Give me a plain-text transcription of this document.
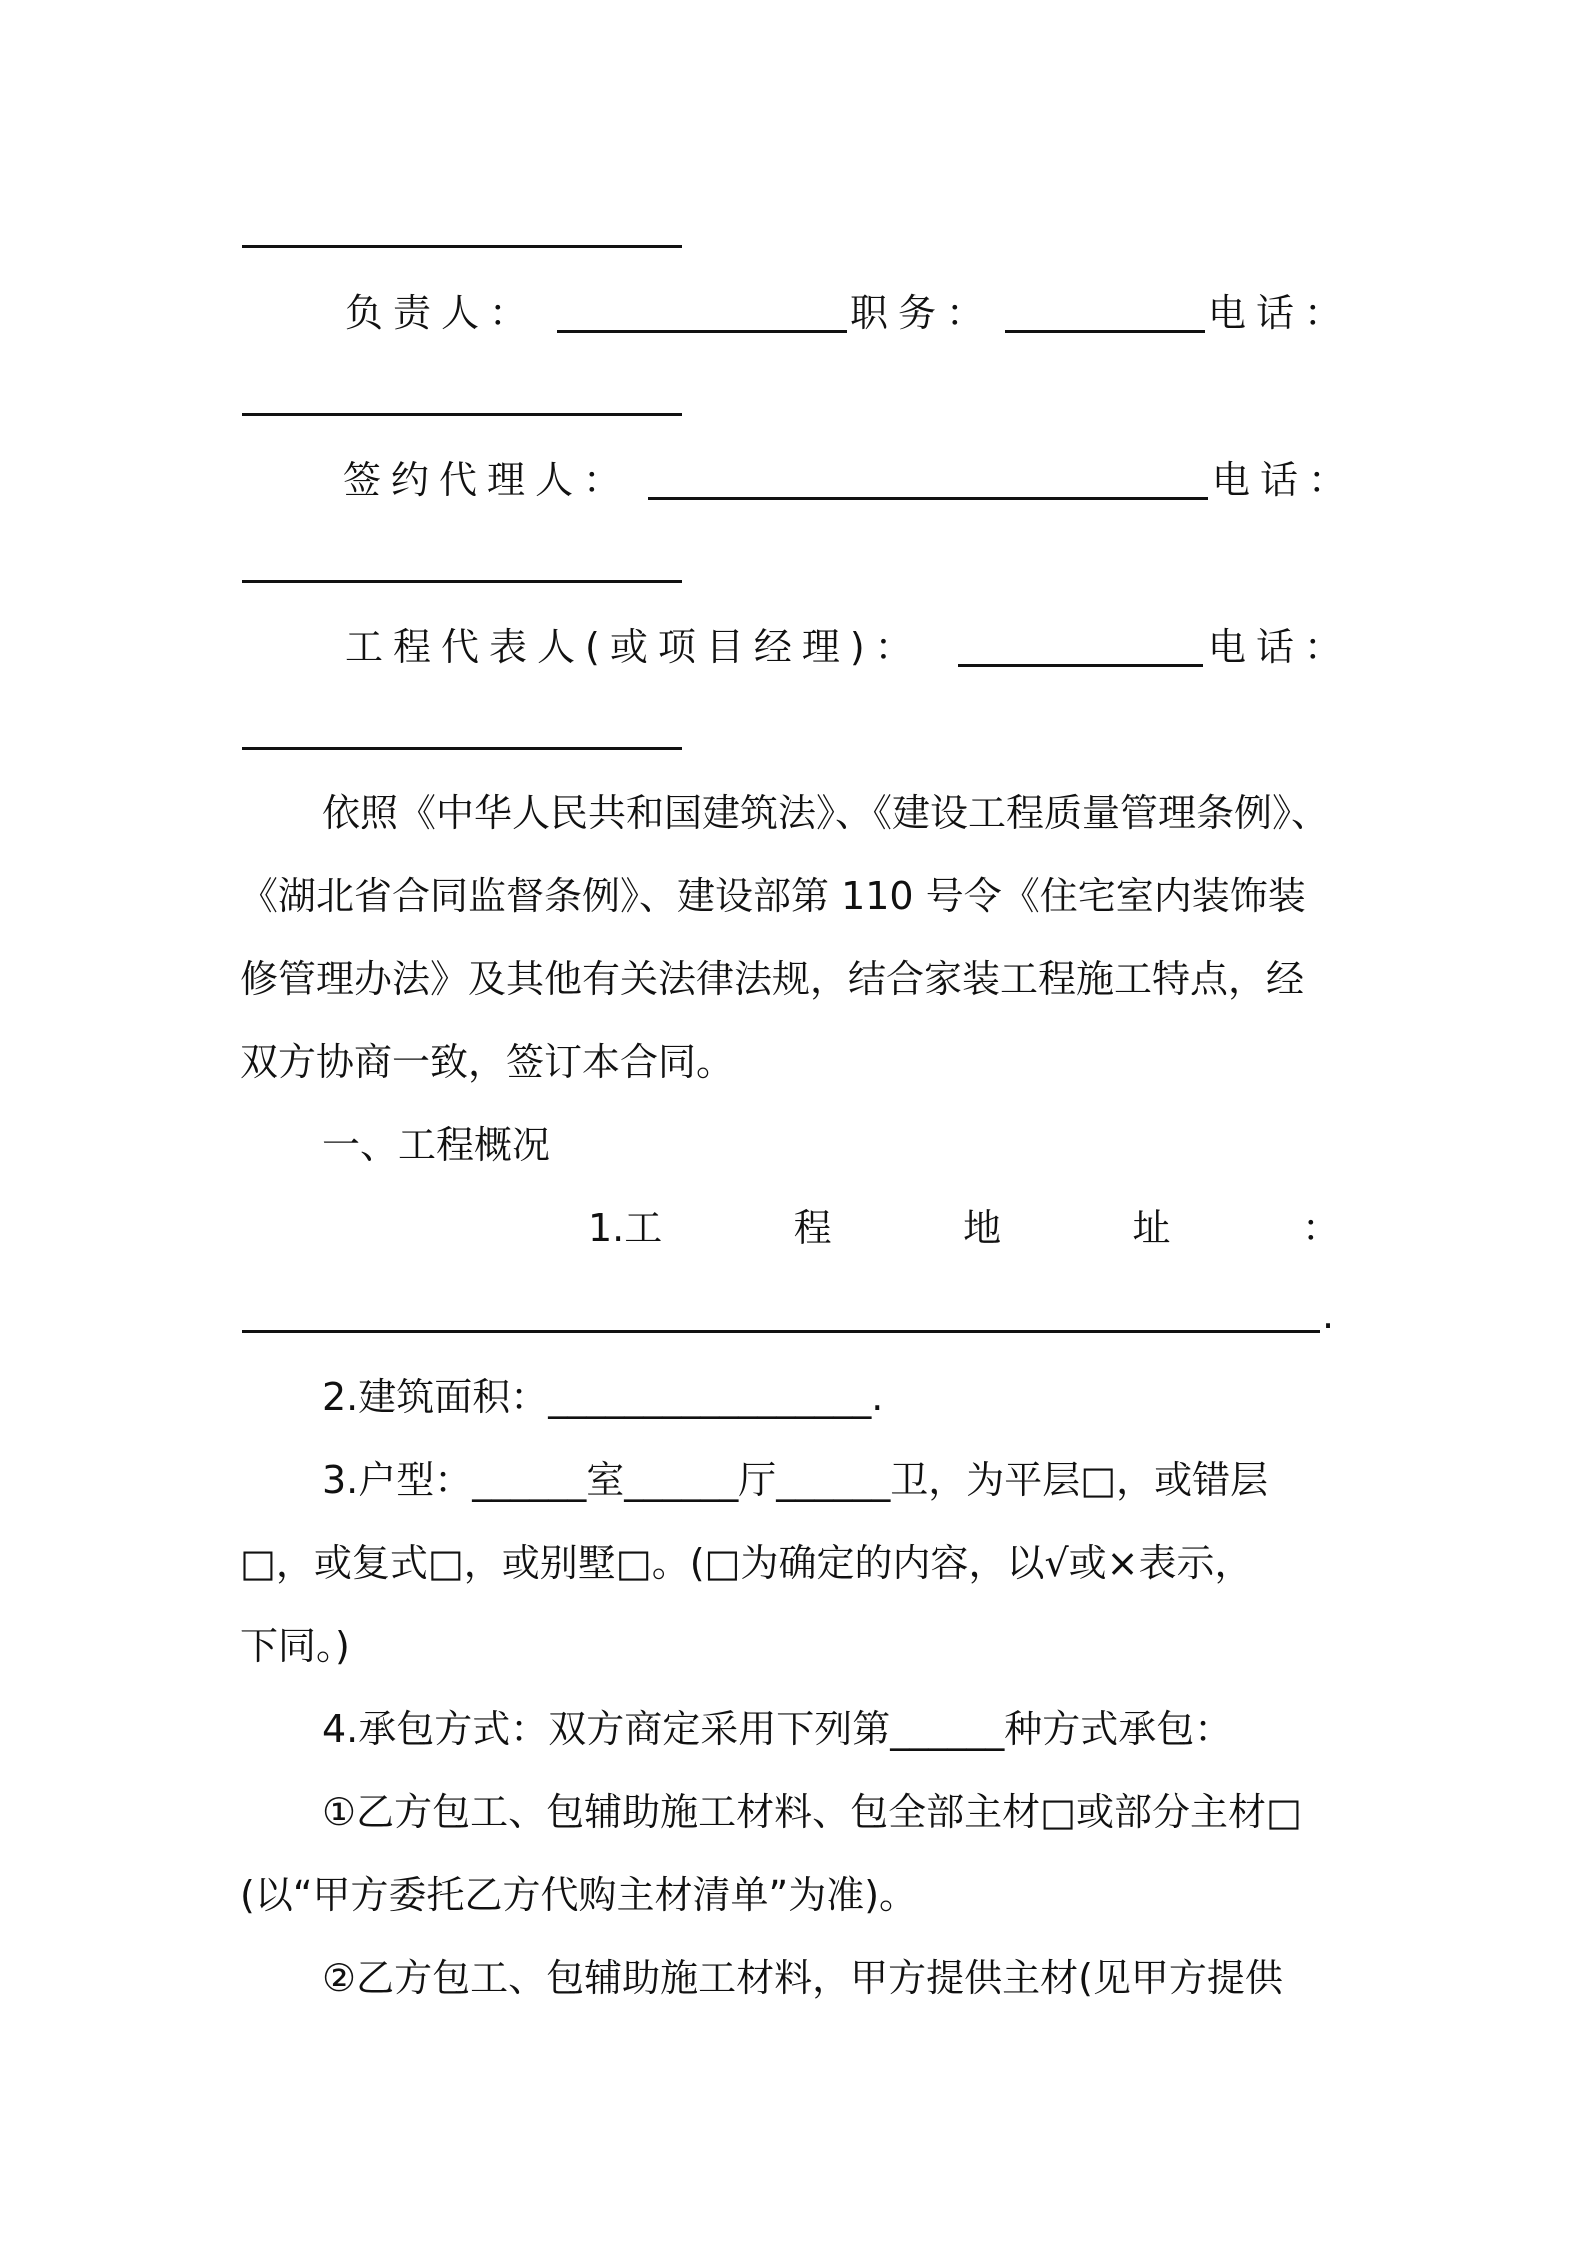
负责人：	职务：	电话：
签约代理人：	电话：
工程代表人(或项目经理)：	电话：
依照《中华人民共和国建筑法》、《建设工程质量管理条例》、
《湖北省合同监督条例》、建设部第 110 号令《住宅室内装饰装
修管理办法》及其他有关法律法规，结合家装工程施工特点，经
双方协商一致，签订本合同。
一、工程概况
1.工	程	地	址	：
.
2.建筑面积：_________________.
3.户型：______室______厅______卫，为平层□，或错层
□，或复式□，或别墅□。(□为确定的内容，以√或×表示，
下同。)
4.承包方式：双方商定采用下列第______种方式承包：
①乙方包工、包辅助施工材料、包全部主材□或部分主材□
(以“甲方委托乙方代购主材清单”为准)。
②乙方包工、包辅助施工材料，甲方提供主材(见甲方提供
